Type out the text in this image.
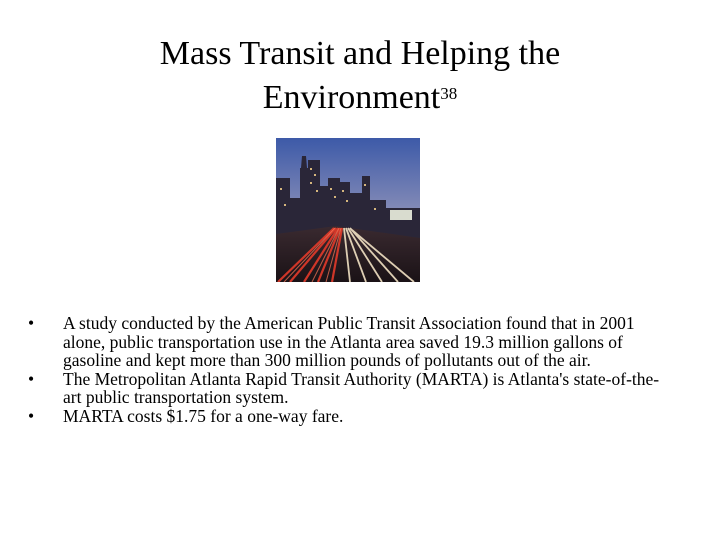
Mass Transit and Helping the
Environment$^{38}$
•	A study conducted by the American Public Transit Association found that in 2001 alone, public transportation use in the Atlanta area saved 19.3 million gallons of gasoline and kept more than 300 million pounds of pollutants out of the air.
•	The Metropolitan Atlanta Rapid Transit Authority (MARTA) is Atlanta's state-of-the-art public transportation system.
•	MARTA costs $1.75 for a one-way fare.
